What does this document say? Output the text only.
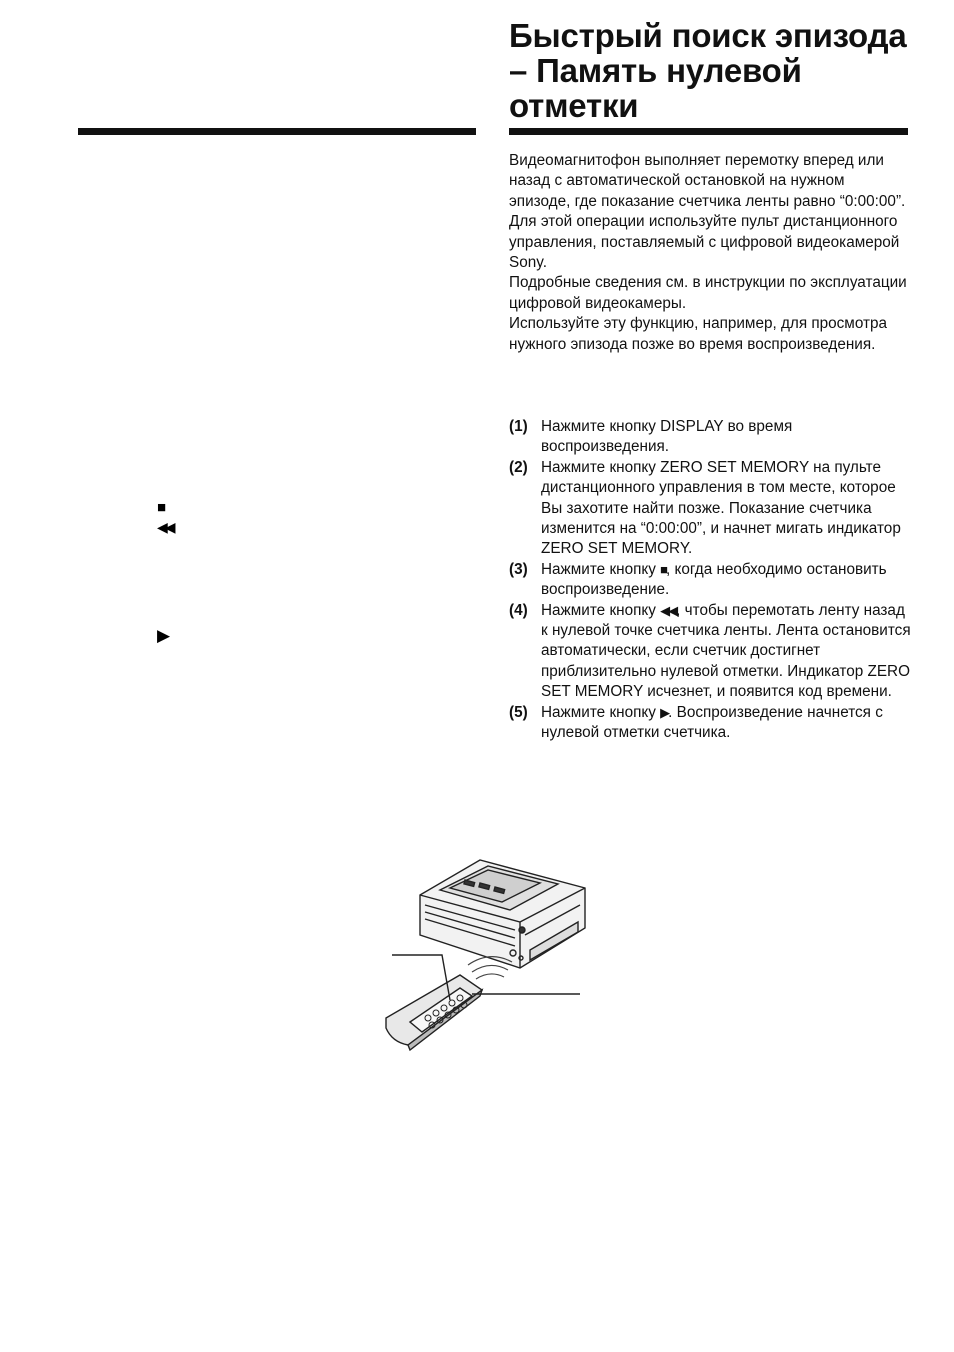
Быстрый поиск эпизода – Память нулевой отметки

Видеомагнитофон выполняет перемотку вперед или назад с автоматической остановкой на нужном эпизоде, где показание счетчика ленты равно “0:00:00”.

Для этой операции используйте пульт дистанционного управления, поставляемый с цифровой видеокамерой Sony.

Подробные сведения см. в инструкции по эксплуатации цифровой видеокамеры.

Используйте эту функцию, например, для просмотра нужного эпизода позже во время воспроизведения.

(1) Нажмите кнопку DISPLAY во время воспроизведения.
(2) Нажмите кнопку ZERO SET MEMORY на пульте дистанционного управления в том месте, которое Вы захотите найти позже. Показание счетчика изменится на “0:00:00”, и начнет мигать индикатор ZERO SET MEMORY.
(3) Нажмите кнопку ■, когда необходимо остановить воспроизведение.
(4) Нажмите кнопку ◀◀, чтобы перемотать ленту назад к нулевой точке счетчика ленты. Лента остановится автоматически, если счетчик достигнет приблизительно нулевой отметки. Индикатор ZERO SET MEMORY исчезнет, и появится код времени.
(5) Нажмите кнопку ▶. Воспроизведение начнется с нулевой отметки счетчика.
■
◀◀
▶
